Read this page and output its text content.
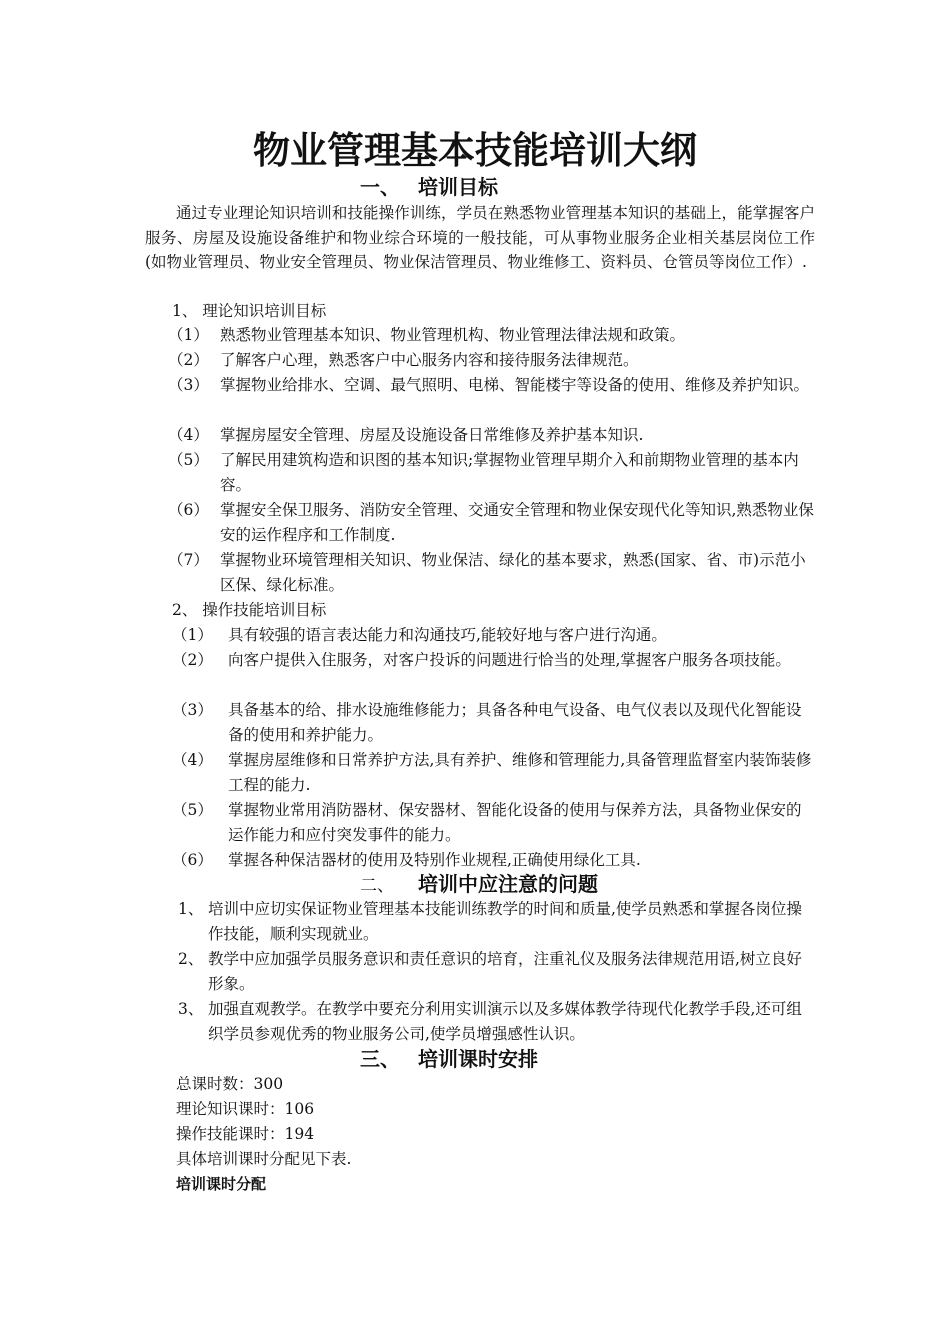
物业管理基本技能培训大纲
一、 培训目标
通过专业理论知识培训和技能操作训练，学员在熟悉物业管理基本知识的基础上，能掌握客户服务、房屋及设施设备维护和物业综合环境的一般技能，可从事物业服务企业相关基层岗位工作(如物业管理员、物业安全管理员、物业保洁管理员、物业维修工、资料员、仓管员等岗位工作）.
1、 理论知识培训目标
（1） 熟悉物业管理基本知识、物业管理机构、物业管理法律法规和政策。
（2） 了解客户心理，熟悉客户中心服务内容和接待服务法律规范。
（3） 掌握物业给排水、空调、最气照明、电梯、智能楼宇等设备的使用、维修及养护知识。
（4） 掌握房屋安全管理、房屋及设施设备日常维修及养护基本知识.
（5） 了解民用建筑构造和识图的基本知识;掌握物业管理早期介入和前期物业管理的基本内容。
（6） 掌握安全保卫服务、消防安全管理、交通安全管理和物业保安现代化等知识,熟悉物业保安的运作程序和工作制度.
（7） 掌握物业环境管理相关知识、物业保洁、绿化的基本要求，熟悉(国家、省、市)示范小区保、绿化标准。
2、 操作技能培训目标
（1） 具有较强的语言表达能力和沟通技巧,能较好地与客户进行沟通。
（2） 向客户提供入住服务，对客户投诉的问题进行恰当的处理,掌握客户服务各项技能。
（3） 具备基本的给、排水设施维修能力；具备各种电气设备、电气仪表以及现代化智能设备的使用和养护能力。
（4） 掌握房屋维修和日常养护方法,具有养护、维修和管理能力,具备管理监督室内装饰装修工程的能力.
（5） 掌握物业常用消防器材、保安器材、智能化设备的使用与保养方法，具备物业保安的运作能力和应付突发事件的能力。
（6） 掌握各种保洁器材的使用及特别作业规程,正确使用绿化工具.
二、 培训中应注意的问题
1、 培训中应切实保证物业管理基本技能训练教学的时间和质量,使学员熟悉和掌握各岗位操作技能，顺利实现就业。
2、 教学中应加强学员服务意识和责任意识的培育，注重礼仪及服务法律规范用语,树立良好形象。
3、 加强直观教学。在教学中要充分利用实训演示以及多媒体教学待现代化教学手段,还可组织学员参观优秀的物业服务公司,使学员增强感性认识。
三、 培训课时安排
总课时数：300
理论知识课时：106
操作技能课时：194
具体培训课时分配见下表.
培训课时分配
